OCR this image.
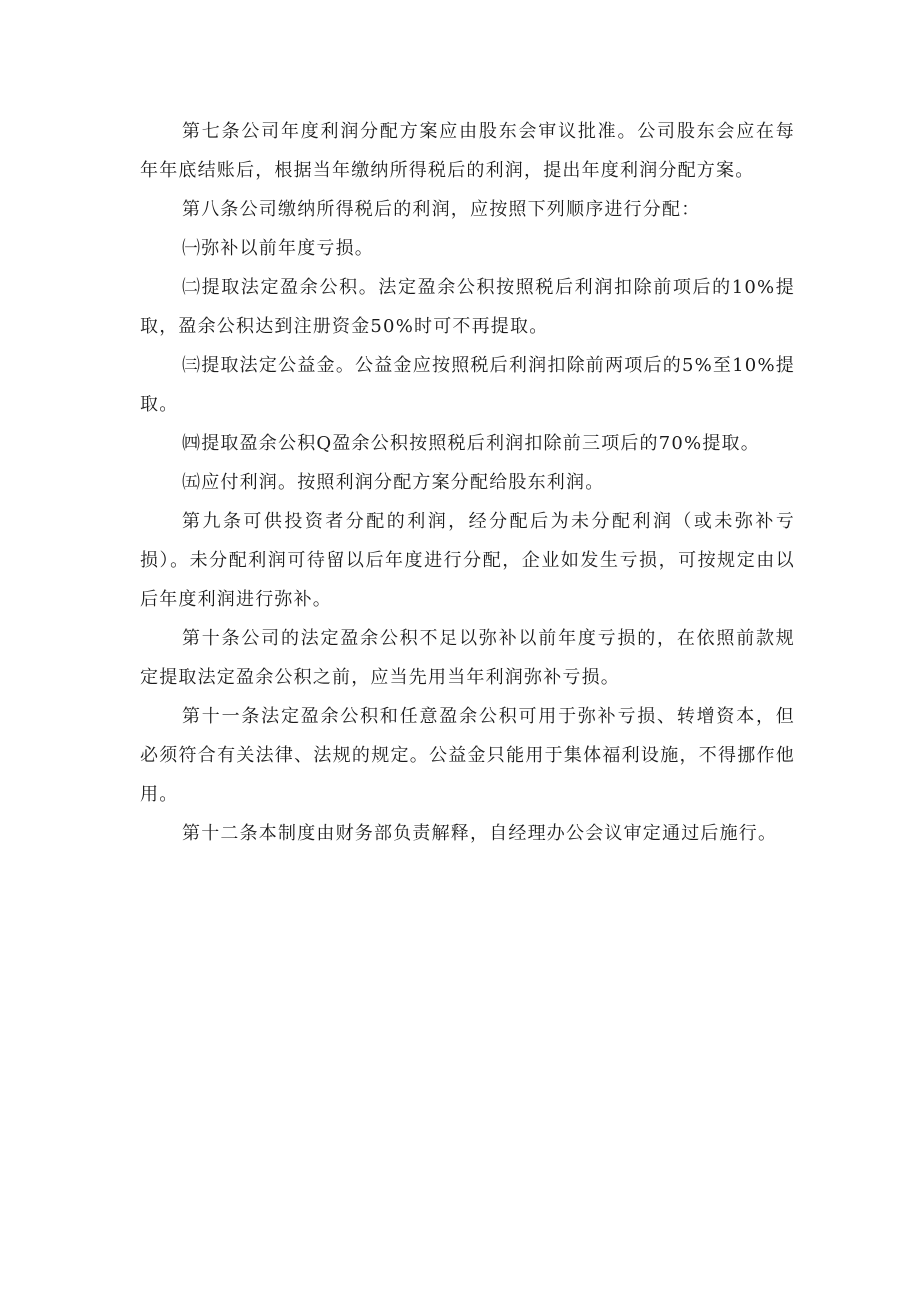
第七条公司年度利润分配方案应由股东会审议批准。公司股东会应在每年年底结账后，根据当年缴纳所得税后的利润，提出年度利润分配方案。

第八条公司缴纳所得税后的利润，应按照下列顺序进行分配：

㈠弥补以前年度亏损。

㈡提取法定盈余公积。法定盈余公积按照税后利润扣除前项后的10%提取，盈余公积达到注册资金50%时可不再提取。

㈢提取法定公益金。公益金应按照税后利润扣除前两项后的5%至10%提取。

㈣提取盈余公积Q盈余公积按照税后利润扣除前三项后的70%提取。

㈤应付利润。按照利润分配方案分配给股东利润。

第九条可供投资者分配的利润，经分配后为未分配利润（或未弥补亏损）。未分配利润可待留以后年度进行分配，企业如发生亏损，可按规定由以后年度利润进行弥补。

第十条公司的法定盈余公积不足以弥补以前年度亏损的，在依照前款规定提取法定盈余公积之前，应当先用当年利润弥补亏损。

第十一条法定盈余公积和任意盈余公积可用于弥补亏损、转增资本，但必须符合有关法律、法规的规定。公益金只能用于集体福利设施，不得挪作他用。

第十二条本制度由财务部负责解释，自经理办公会议审定通过后施行。
